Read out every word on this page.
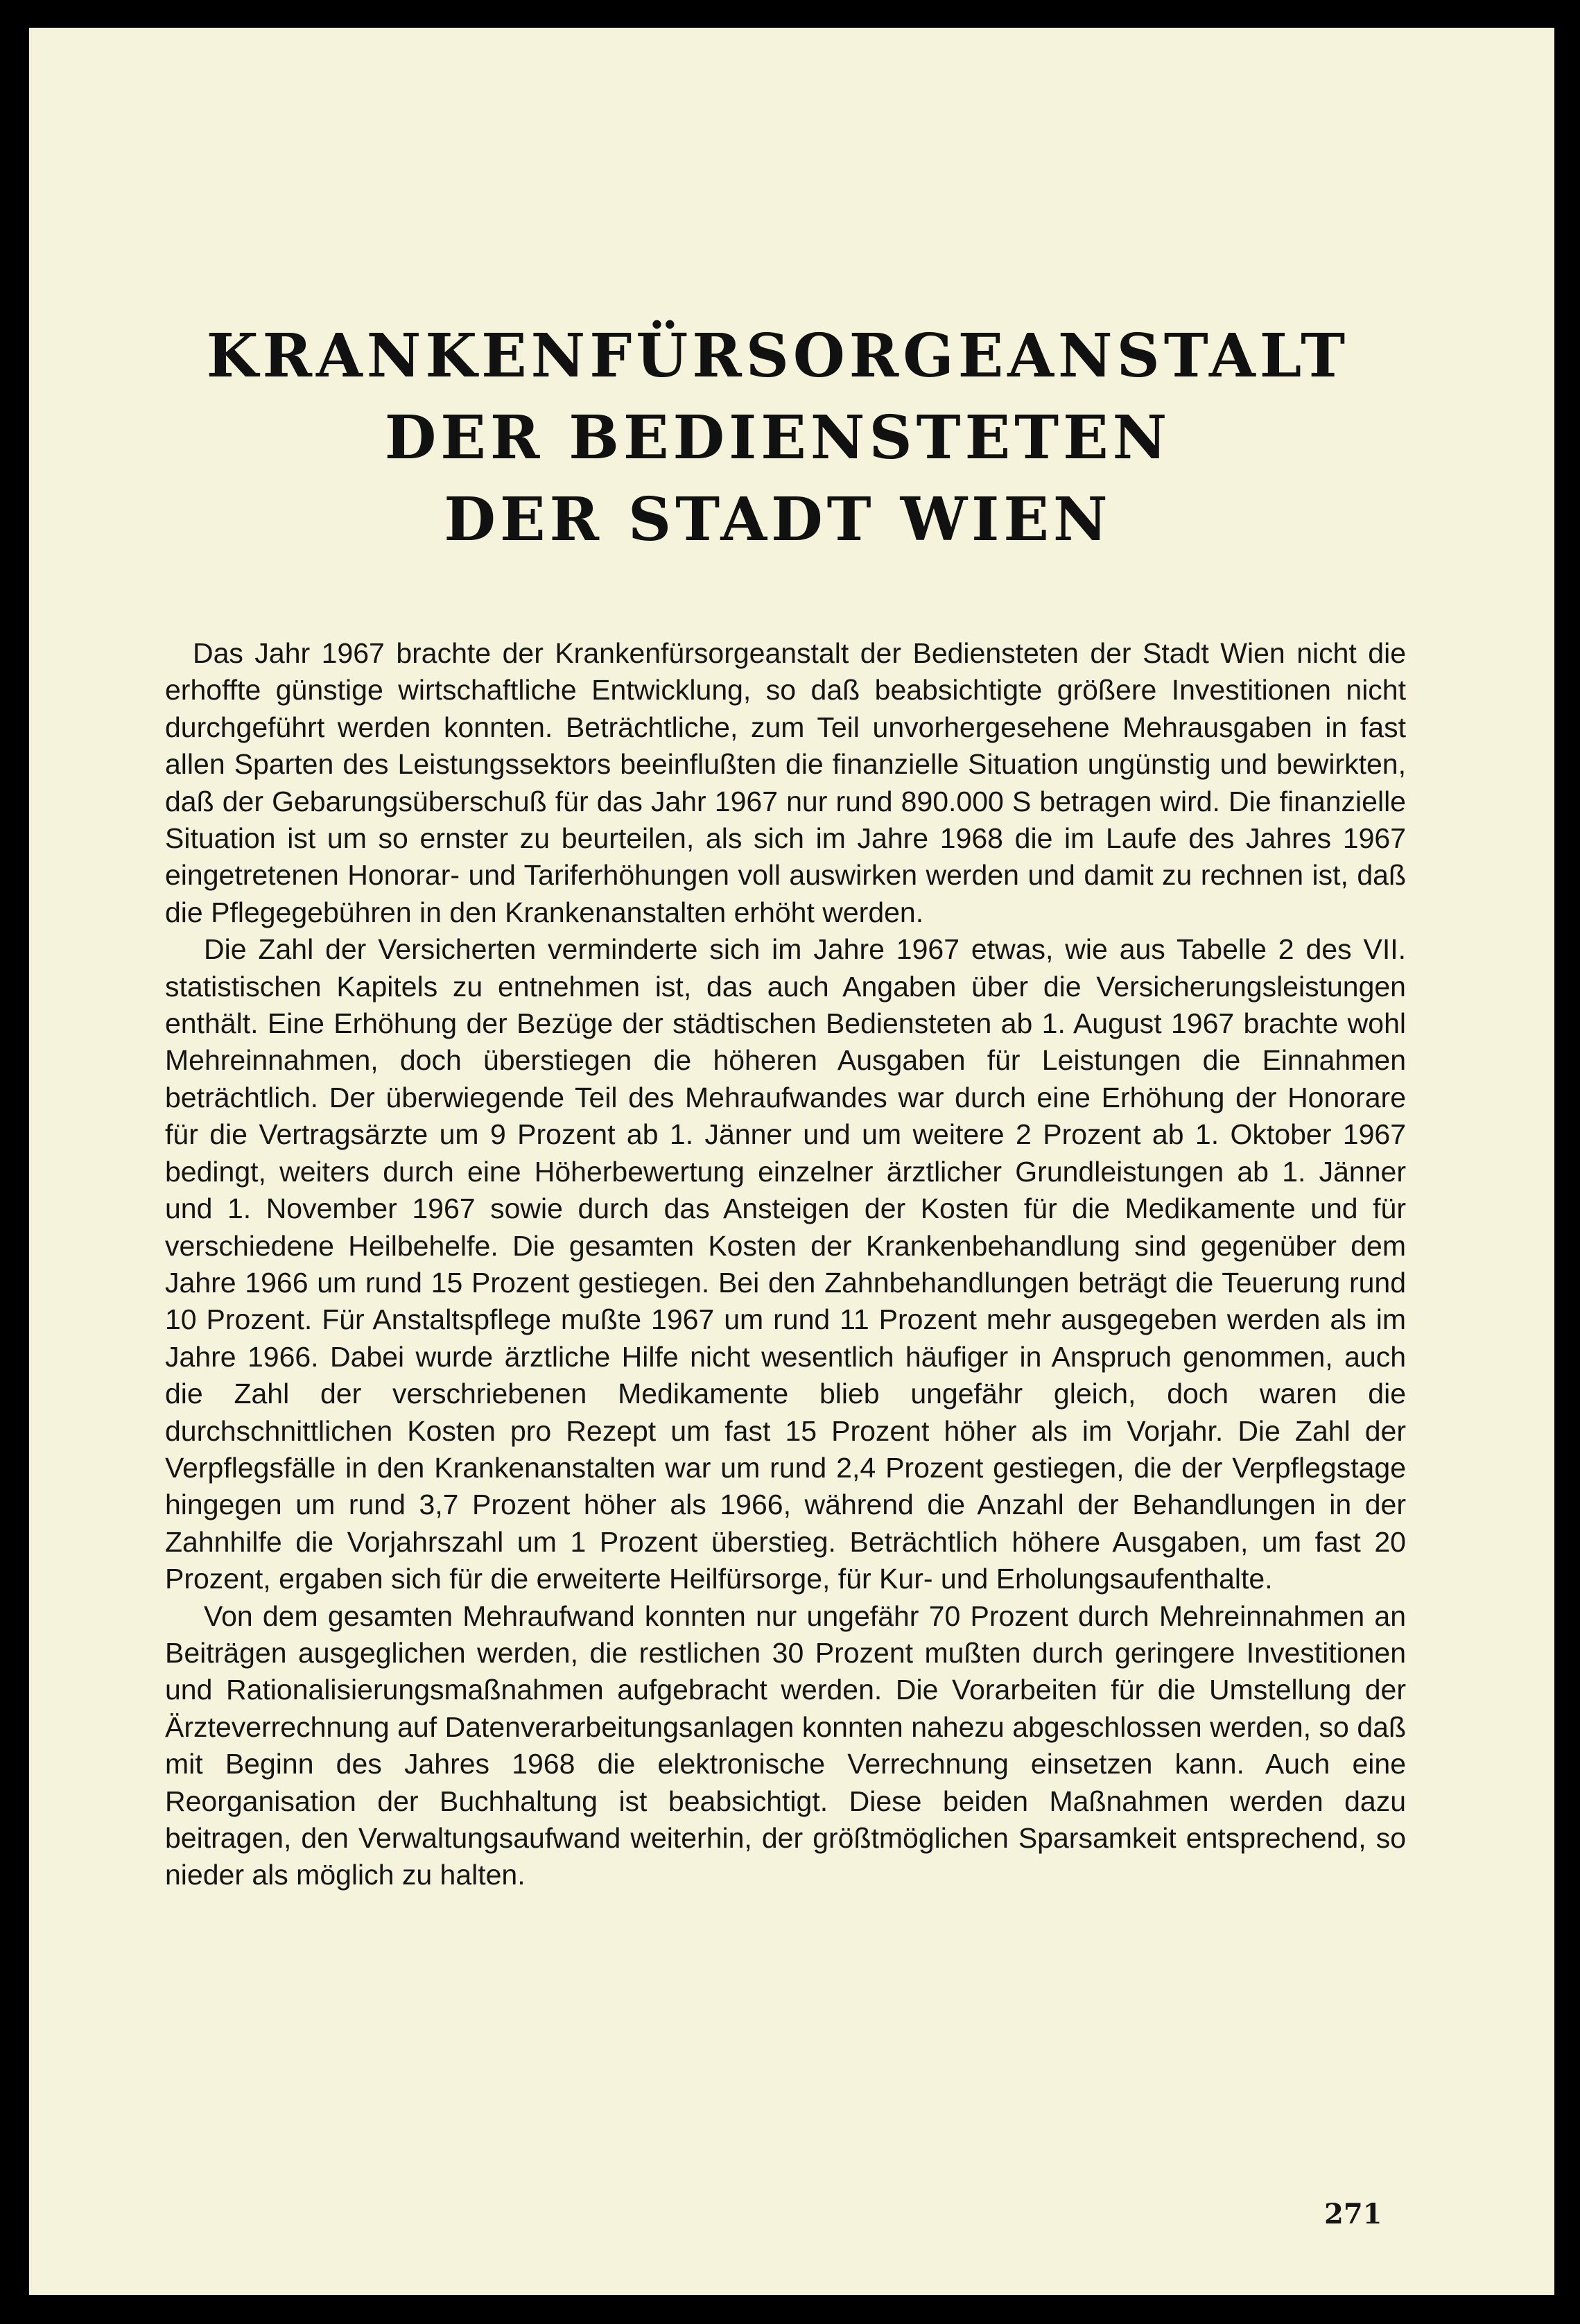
KRANKENFÜRSORGEANSTALT
DER BEDIENSTETEN
DER STADT WIEN

Das Jahr 1967 brachte der Krankenfürsorgeanstalt der Bediensteten der Stadt Wien nicht die erhoffte günstige wirtschaftliche Entwicklung, so daß beabsichtigte größere Investitionen nicht durchgeführt werden konnten. Beträchtliche, zum Teil unvorhergesehene Mehrausgaben in fast allen Sparten des Leistungssektors beeinflußten die finanzielle Situation ungünstig und bewirkten, daß der Gebarungsüberschuß für das Jahr 1967 nur rund 890.000 S betragen wird. Die finanzielle Situation ist um so ernster zu beurteilen, als sich im Jahre 1968 die im Laufe des Jahres 1967 eingetretenen Honorar- und Tariferhöhungen voll auswirken werden und damit zu rechnen ist, daß die Pflegegebühren in den Krankenanstalten erhöht werden.

Die Zahl der Versicherten verminderte sich im Jahre 1967 etwas, wie aus Tabelle 2 des VII. statistischen Kapitels zu entnehmen ist, das auch Angaben über die Versicherungsleistungen enthält. Eine Erhöhung der Bezüge der städtischen Bediensteten ab 1. August 1967 brachte wohl Mehreinnahmen, doch überstiegen die höheren Ausgaben für Leistungen die Einnahmen beträchtlich. Der überwiegende Teil des Mehraufwandes war durch eine Erhöhung der Honorare für die Vertragsärzte um 9 Prozent ab 1. Jänner und um weitere 2 Prozent ab 1. Oktober 1967 bedingt, weiters durch eine Höherbewertung einzelner ärztlicher Grundleistungen ab 1. Jänner und 1. November 1967 sowie durch das Ansteigen der Kosten für die Medikamente und für verschiedene Heilbehelfe. Die gesamten Kosten der Krankenbehandlung sind gegenüber dem Jahre 1966 um rund 15 Prozent gestiegen. Bei den Zahnbehandlungen beträgt die Teuerung rund 10 Prozent. Für Anstaltspflege mußte 1967 um rund 11 Prozent mehr ausgegeben werden als im Jahre 1966. Dabei wurde ärztliche Hilfe nicht wesentlich häufiger in Anspruch genommen, auch die Zahl der verschriebenen Medikamente blieb ungefähr gleich, doch waren die durchschnittlichen Kosten pro Rezept um fast 15 Prozent höher als im Vorjahr. Die Zahl der Verpflegsfälle in den Krankenanstalten war um rund 2,4 Prozent gestiegen, die der Verpflegstage hingegen um rund 3,7 Prozent höher als 1966, während die Anzahl der Behandlungen in der Zahnhilfe die Vorjahrszahl um 1 Prozent überstieg. Beträchtlich höhere Ausgaben, um fast 20 Prozent, ergaben sich für die erweiterte Heilfürsorge, für Kur- und Erholungsaufenthalte.

Von dem gesamten Mehraufwand konnten nur ungefähr 70 Prozent durch Mehreinnahmen an Beiträgen ausgeglichen werden, die restlichen 30 Prozent mußten durch geringere Investitionen und Rationalisierungsmaßnahmen aufgebracht werden. Die Vorarbeiten für die Umstellung der Ärzteverrechnung auf Datenverarbeitungsanlagen konnten nahezu abgeschlossen werden, so daß mit Beginn des Jahres 1968 die elektronische Verrechnung einsetzen kann. Auch eine Reorganisation der Buchhaltung ist beabsichtigt. Diese beiden Maßnahmen werden dazu beitragen, den Verwaltungsaufwand weiterhin, der größtmöglichen Sparsamkeit entsprechend, so nieder als möglich zu halten.

271
